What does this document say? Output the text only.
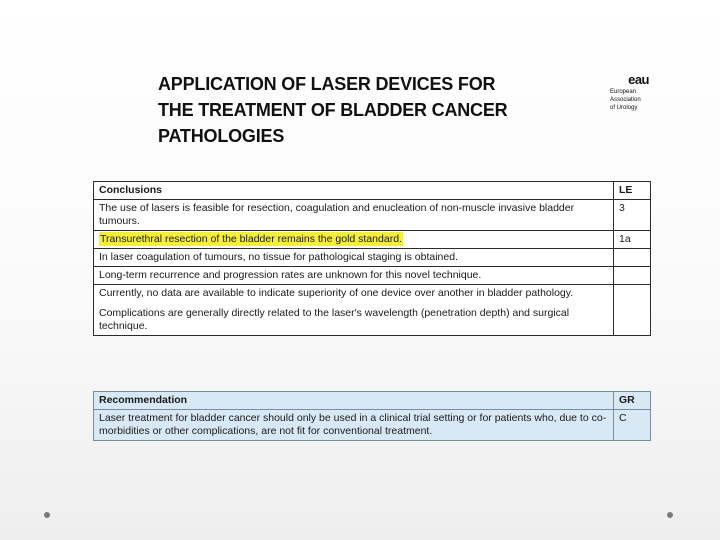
APPLICATION OF LASER DEVICES FOR
THE TREATMENT OF BLADDER CANCER
PATHOLOGIES
eau
European
Association
of Urology
Conclusions	LE
The use of lasers is feasible for resection, coagulation and enucleation of non-muscle invasive bladder tumours.	3
Transurethral resection of the bladder remains the gold standard.	1a
In laser coagulation of tumours, no tissue for pathological staging is obtained.	
Long-term recurrence and progression rates are unknown for this novel technique.	
Currently, no data are available to indicate superiority of one device over another in bladder pathology.	
Complications are generally directly related to the laser's wavelength (penetration depth) and surgical technique.	
Recommendation	GR
Laser treatment for bladder cancer should only be used in a clinical trial setting or for patients who, due to co-morbidities or other complications, are not fit for conventional treatment.	C
